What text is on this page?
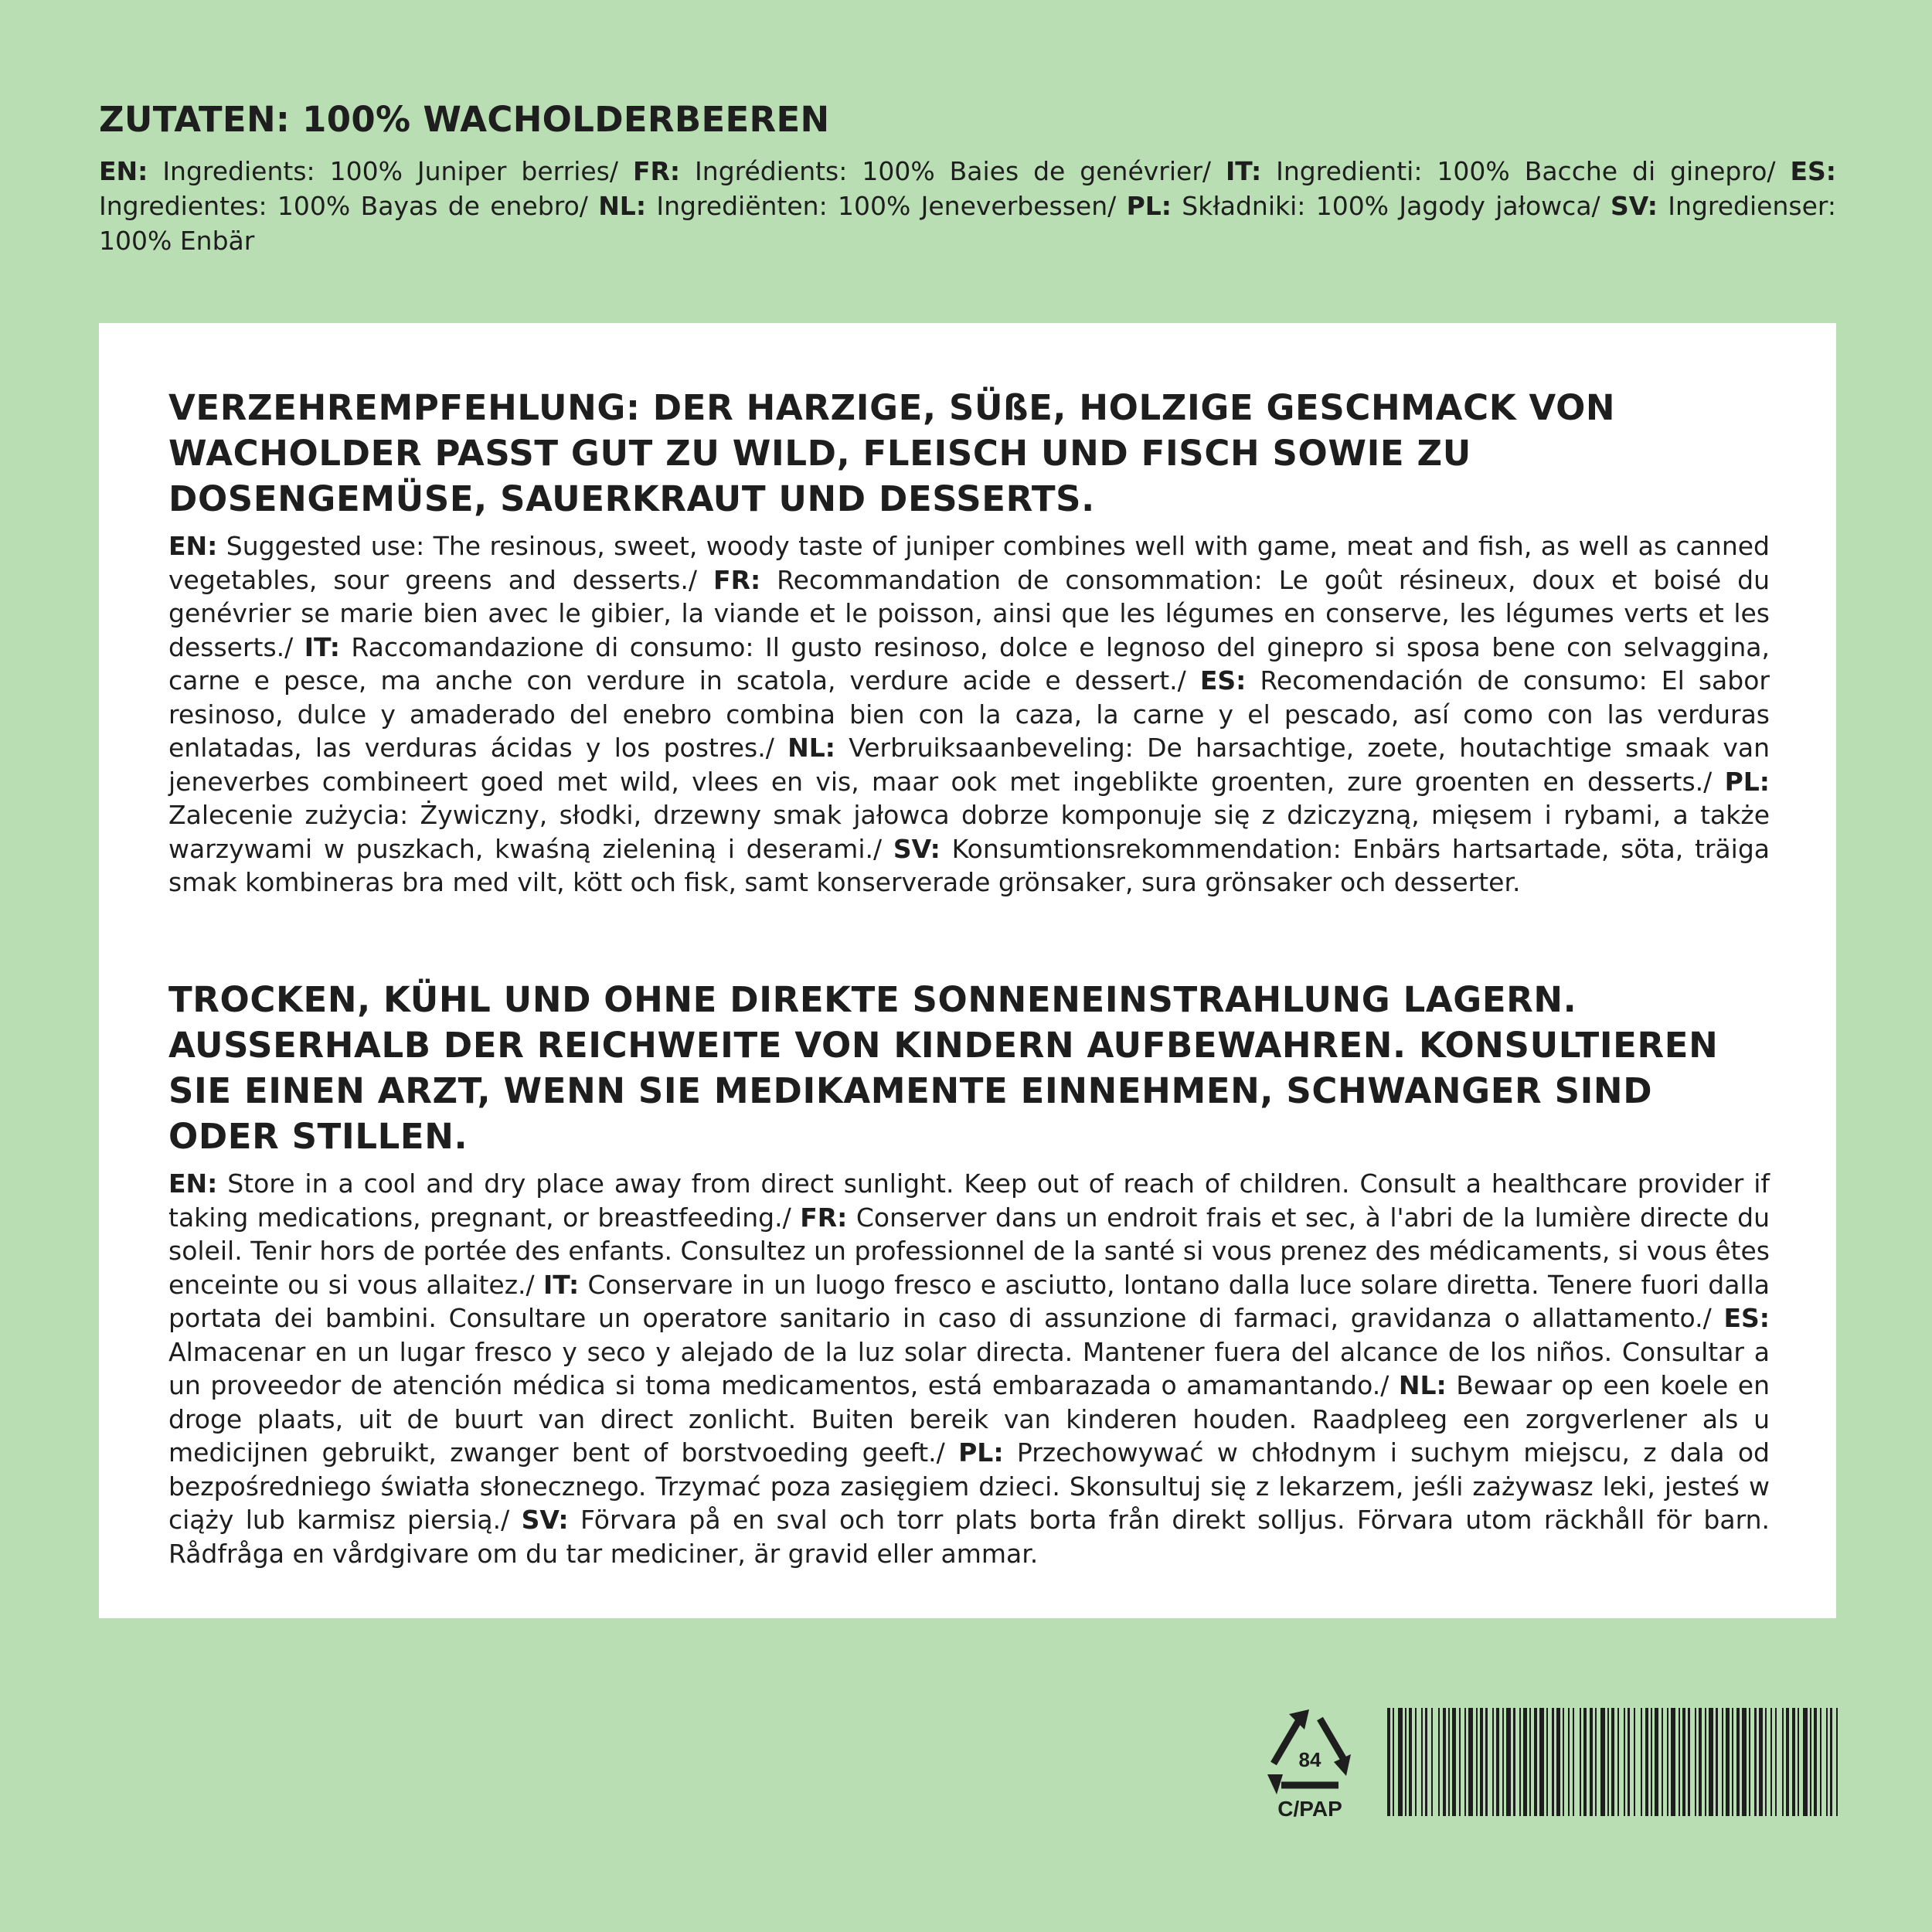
ZUTATEN: 100% WACHOLDERBEEREN

EN: Ingredients: 100% Juniper berries/ FR: Ingrédients: 100% Baies de genévrier/ IT: Ingredienti: 100% Bacche di ginepro/ ES: Ingredientes: 100% Bayas de enebro/ NL: Ingrediënten: 100% Jeneverbessen/ PL: Składniki: 100% Jagody jałowca/ SV: Ingredienser: 100% Enbär

VERZEHREMPFEHLUNG: DER HARZIGE, SÜßE, HOLZIGE GESCHMACK VON WACHOLDER PASST GUT ZU WILD, FLEISCH UND FISCH SOWIE ZU DOSENGEMÜSE, SAUERKRAUT UND DESSERTS.

EN: Suggested use: The resinous, sweet, woody taste of juniper combines well with game, meat and fish, as well as canned vegetables, sour greens and desserts./ FR: Recommandation de consommation: Le goût résineux, doux et boisé du genévrier se marie bien avec le gibier, la viande et le poisson, ainsi que les légumes en conserve, les légumes verts et les desserts./ IT: Raccomandazione di consumo: Il gusto resinoso, dolce e legnoso del ginepro si sposa bene con selvaggina, carne e pesce, ma anche con verdure in scatola, verdure acide e dessert./ ES: Recomendación de consumo: El sabor resinoso, dulce y amaderado del enebro combina bien con la caza, la carne y el pescado, así como con las verduras enlatadas, las verduras ácidas y los postres./ NL: Verbruiksaanbeveling: De harsachtige, zoete, houtachtige smaak van jeneverbes combineert goed met wild, vlees en vis, maar ook met ingeblikte groenten, zure groenten en desserts./ PL: Zalecenie zużycia: Żywiczny, słodki, drzewny smak jałowca dobrze komponuje się z dziczyzną, mięsem i rybami, a także warzywami w puszkach, kwaśną zieleniną i deserami./ SV: Konsumtionsrekommendation: Enbärs hartsartade, söta, träiga smak kombineras bra med vilt, kött och fisk, samt konserverade grönsaker, sura grönsaker och desserter.

TROCKEN, KÜHL UND OHNE DIREKTE SONNENEINSTRAHLUNG LAGERN. AUSSERHALB DER REICHWEITE VON KINDERN AUFBEWAHREN. KONSULTIEREN SIE EINEN ARZT, WENN SIE MEDIKAMENTE EINNEHMEN, SCHWANGER SIND ODER STILLEN.

EN: Store in a cool and dry place away from direct sunlight. Keep out of reach of children. Consult a healthcare provider if taking medications, pregnant, or breastfeeding./ FR: Conserver dans un endroit frais et sec, à l'abri de la lumière directe du soleil. Tenir hors de portée des enfants. Consultez un professionnel de la santé si vous prenez des médicaments, si vous êtes enceinte ou si vous allaitez./ IT: Conservare in un luogo fresco e asciutto, lontano dalla luce solare diretta. Tenere fuori dalla portata dei bambini. Consultare un operatore sanitario in caso di assunzione di farmaci, gravidanza o allattamento./ ES: Almacenar en un lugar fresco y seco y alejado de la luz solar directa. Mantener fuera del alcance de los niños. Consultar a un proveedor de atención médica si toma medicamentos, está embarazada o amamantando./ NL: Bewaar op een koele en droge plaats, uit de buurt van direct zonlicht. Buiten bereik van kinderen houden. Raadpleeg een zorgverlener als u medicijnen gebruikt, zwanger bent of borstvoeding geeft./ PL: Przechowywać w chłodnym i suchym miejscu, z dala od bezpośredniego światła słonecznego. Trzymać poza zasięgiem dzieci. Skonsultuj się z lekarzem, jeśli zażywasz leki, jesteś w ciąży lub karmisz piersią./ SV: Förvara på en sval och torr plats borta från direkt solljus. Förvara utom räckhåll för barn. Rådfråga en vårdgivare om du tar mediciner, är gravid eller ammar.

84
C/PAP
